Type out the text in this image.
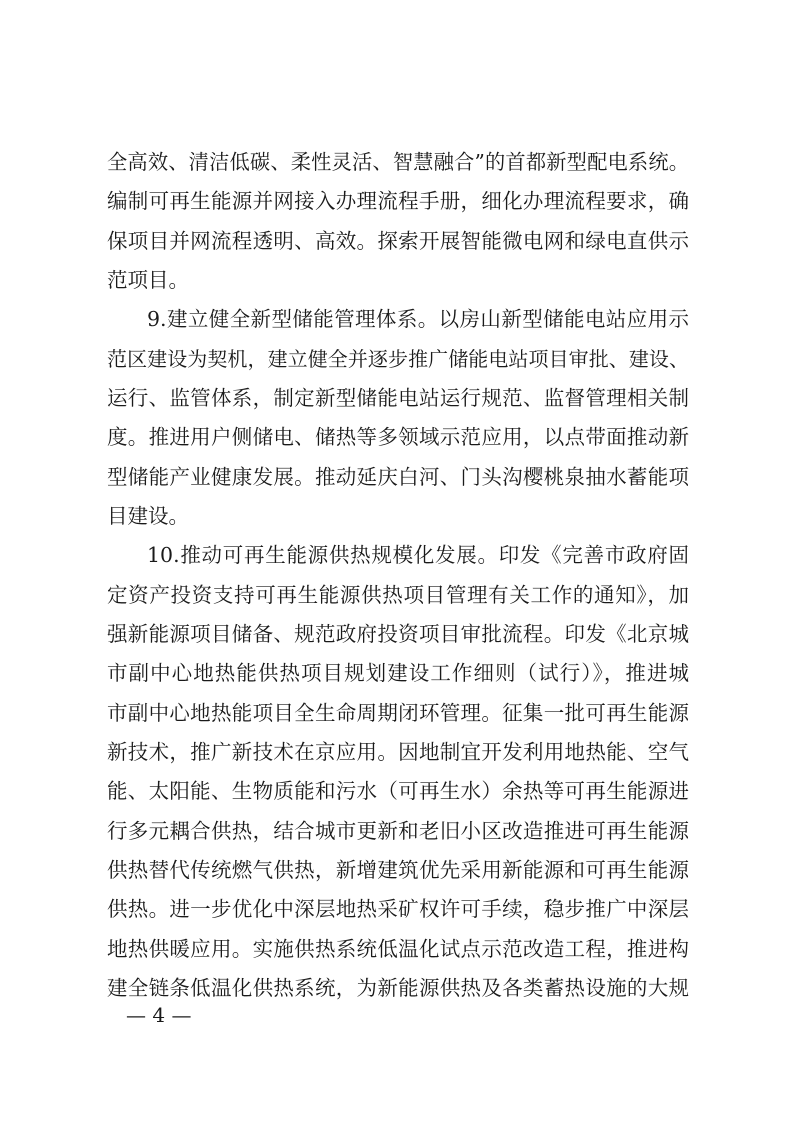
全高效、清洁低碳、柔性灵活、智慧融合”的首都新型配电系统。
编制可再生能源并网接入办理流程手册，细化办理流程要求，确
保项目并网流程透明、高效。探索开展智能微电网和绿电直供示
范项目。
9.建立健全新型储能管理体系。以房山新型储能电站应用示
范区建设为契机，建立健全并逐步推广储能电站项目审批、建设、
运行、监管体系，制定新型储能电站运行规范、监督管理相关制
度。推进用户侧储电、储热等多领域示范应用，以点带面推动新
型储能产业健康发展。推动延庆白河、门头沟樱桃泉抽水蓄能项
目建设。
10.推动可再生能源供热规模化发展。印发《完善市政府固
定资产投资支持可再生能源供热项目管理有关工作的通知》，加
强新能源项目储备、规范政府投资项目审批流程。印发《北京城
市副中心地热能供热项目规划建设工作细则（试行）》，推进城
市副中心地热能项目全生命周期闭环管理。征集一批可再生能源
新技术，推广新技术在京应用。因地制宜开发利用地热能、空气
能、太阳能、生物质能和污水（可再生水）余热等可再生能源进
行多元耦合供热，结合城市更新和老旧小区改造推进可再生能源
供热替代传统燃气供热，新增建筑优先采用新能源和可再生能源
供热。进一步优化中深层地热采矿权许可手续，稳步推广中深层
地热供暖应用。实施供热系统低温化试点示范改造工程，推进构
建全链条低温化供热系统，为新能源供热及各类蓄热设施的大规
— 4 —
